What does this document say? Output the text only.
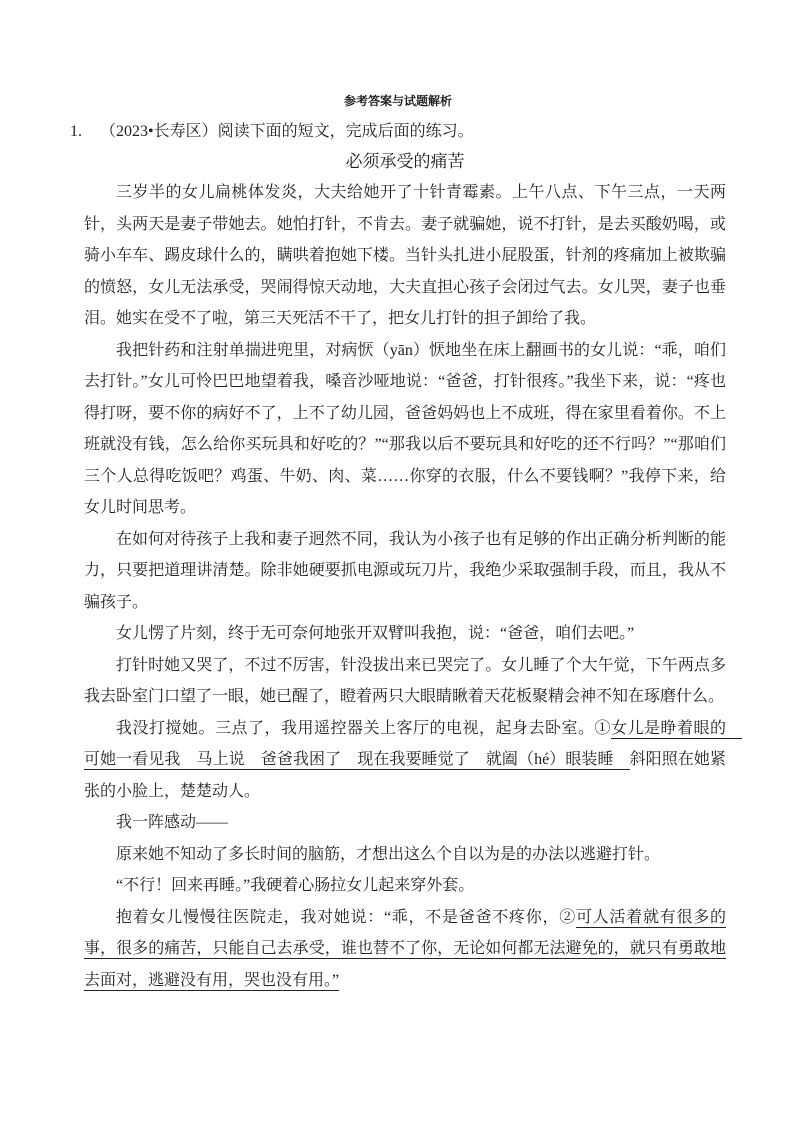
参考答案与试题解析
1. （2023•长寿区）阅读下面的短文，完成后面的练习。
必须承受的痛苦

三岁半的女儿扁桃体发炎，大夫给她开了十针青霉素。上午八点、下午三点，一天两针，头两天是妻子带她去。她怕打针，不肯去。妻子就骗她，说不打针，是去买酸奶喝，或骑小车车、踢皮球什么的，瞒哄着抱她下楼。当针头扎进小屁股蛋，针剂的疼痛加上被欺骗的愤怒，女儿无法承受，哭闹得惊天动地，大夫直担心孩子会闭过气去。女儿哭，妻子也垂泪。她实在受不了啦，第三天死活不干了，把女儿打针的担子卸给了我。

我把针药和注射单揣进兜里，对病恹（yān）恹地坐在床上翻画书的女儿说：“乖，咱们去打针。”女儿可怜巴巴地望着我，嗓音沙哑地说：“爸爸，打针很疼。”我坐下来，说：“疼也得打呀，要不你的病好不了，上不了幼儿园，爸爸妈妈也上不成班，得在家里看着你。不上班就没有钱，怎么给你买玩具和好吃的？”“那我以后不要玩具和好吃的还不行吗？”“那咱们三个人总得吃饭吧？鸡蛋、牛奶、肉、菜……你穿的衣服，什么不要钱啊？”我停下来，给女儿时间思考。

在如何对待孩子上我和妻子迥然不同，我认为小孩子也有足够的作出正确分析判断的能力，只要把道理讲清楚。除非她硬要抓电源或玩刀片，我绝少采取强制手段，而且，我从不骗孩子。

女儿愣了片刻，终于无可奈何地张开双臂叫我抱，说：“爸爸，咱们去吧。”

打针时她又哭了，不过不厉害，针没拔出来已哭完了。女儿睡了个大午觉，下午两点多我去卧室门口望了一眼，她已醒了，瞪着两只大眼睛瞅着天花板聚精会神不知在琢磨什么。

我没打搅她。三点了，我用遥控器关上客厅的电视，起身去卧室。①女儿是睁着眼的　可她一看见我　马上说　爸爸我困了　现在我要睡觉了　就阖（hé）眼装睡　斜阳照在她紧张的小脸上，楚楚动人。

我一阵感动——

原来她不知动了多长时间的脑筋，才想出这么个自以为是的办法以逃避打针。

“不行！回来再睡。”我硬着心肠拉女儿起来穿外套。

抱着女儿慢慢往医院走，我对她说：“乖，不是爸爸不疼你，②可人活着就有很多的事，很多的痛苦，只能自己去承受，谁也替不了你，无论如何都无法避免的，就只有勇敢地去面对，逃避没有用，哭也没有用。”
